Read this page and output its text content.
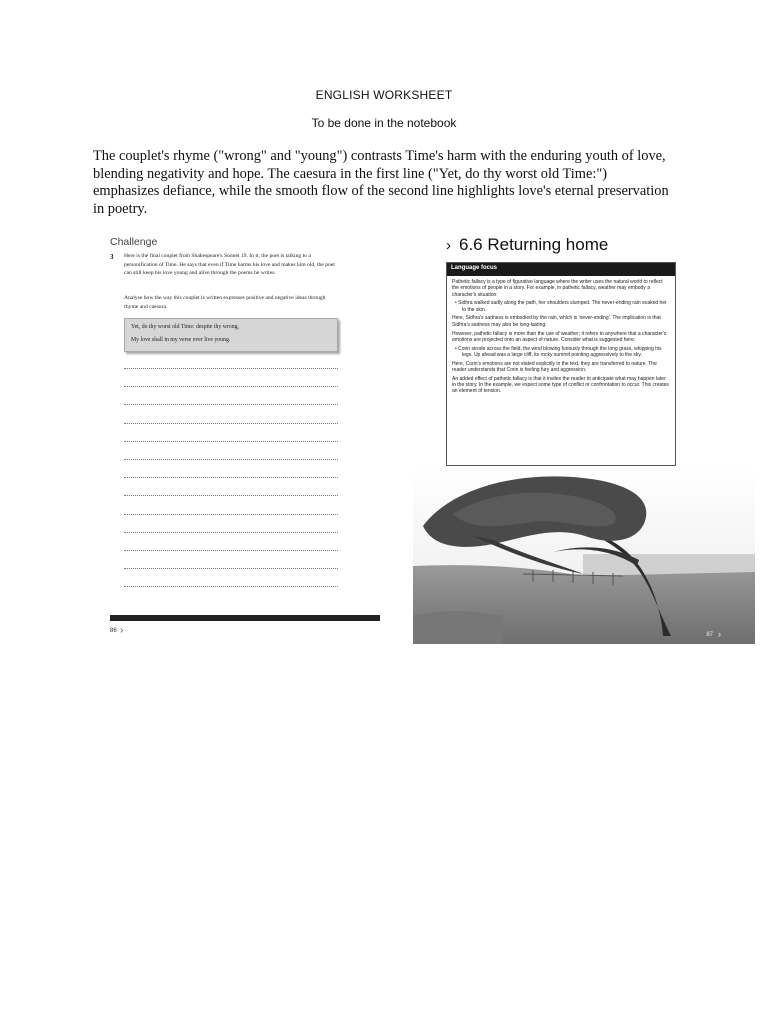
ENGLISH WORKSHEET
To be done in the notebook
The couplet's rhyme ("wrong" and "young") contrasts Time's harm with the enduring youth of love, blending negativity and hope. The caesura in the first line ("Yet, do thy worst old Time:") emphasizes defiance, while the smooth flow of the second line highlights love's eternal preservation in poetry.
Challenge
3 Here is the final couplet from Shakespeare's Sonnet 19. In it, the poet is talking to a personification of Time. He says that even if Time harms his love and makes him old, the poet can still keep his love young and alive through the poems he writes.
Analyse how the way this couplet is written expresses positive and negative ideas through rhyme and caesura.
Yet, do thy worst old Time: despite thy wrong,
My love shall in my verse ever live young.
86 ›
› 6.6 Returning home
Language focus

Pathetic fallacy is a type of figurative language where the writer uses the natural world to reflect the emotions of people in a story. For example, in pathetic fallacy, weather may embody a character's situation:

• Sidhra walked sadly along the path, her shoulders slumped. The never-ending rain soaked her to the skin.

Here, Sidhra's sadness is embodied by the rain, which is 'never-ending'. The implication is that Sidhra's sadness may also be long-lasting.

However, pathetic fallacy is more than the use of weather; it refers to anywhere that a character's emotions are projected onto an aspect of nature. Consider what is suggested here:

• Corin strode across the field, the wind blowing furiously through the long grass, whipping his legs. Up ahead was a large cliff, its rocky summit pointing aggressively to the sky.

Here, Corin's emotions are not stated explicitly in the text, they are transferred to nature. The reader understands that Corin is feeling fury and aggression.

An added effect of pathetic fallacy is that it invites the reader to anticipate what may happen later in the story. In the example, we expect some type of conflict or confrontation to occur. This creates an element of tension.

87 ›
